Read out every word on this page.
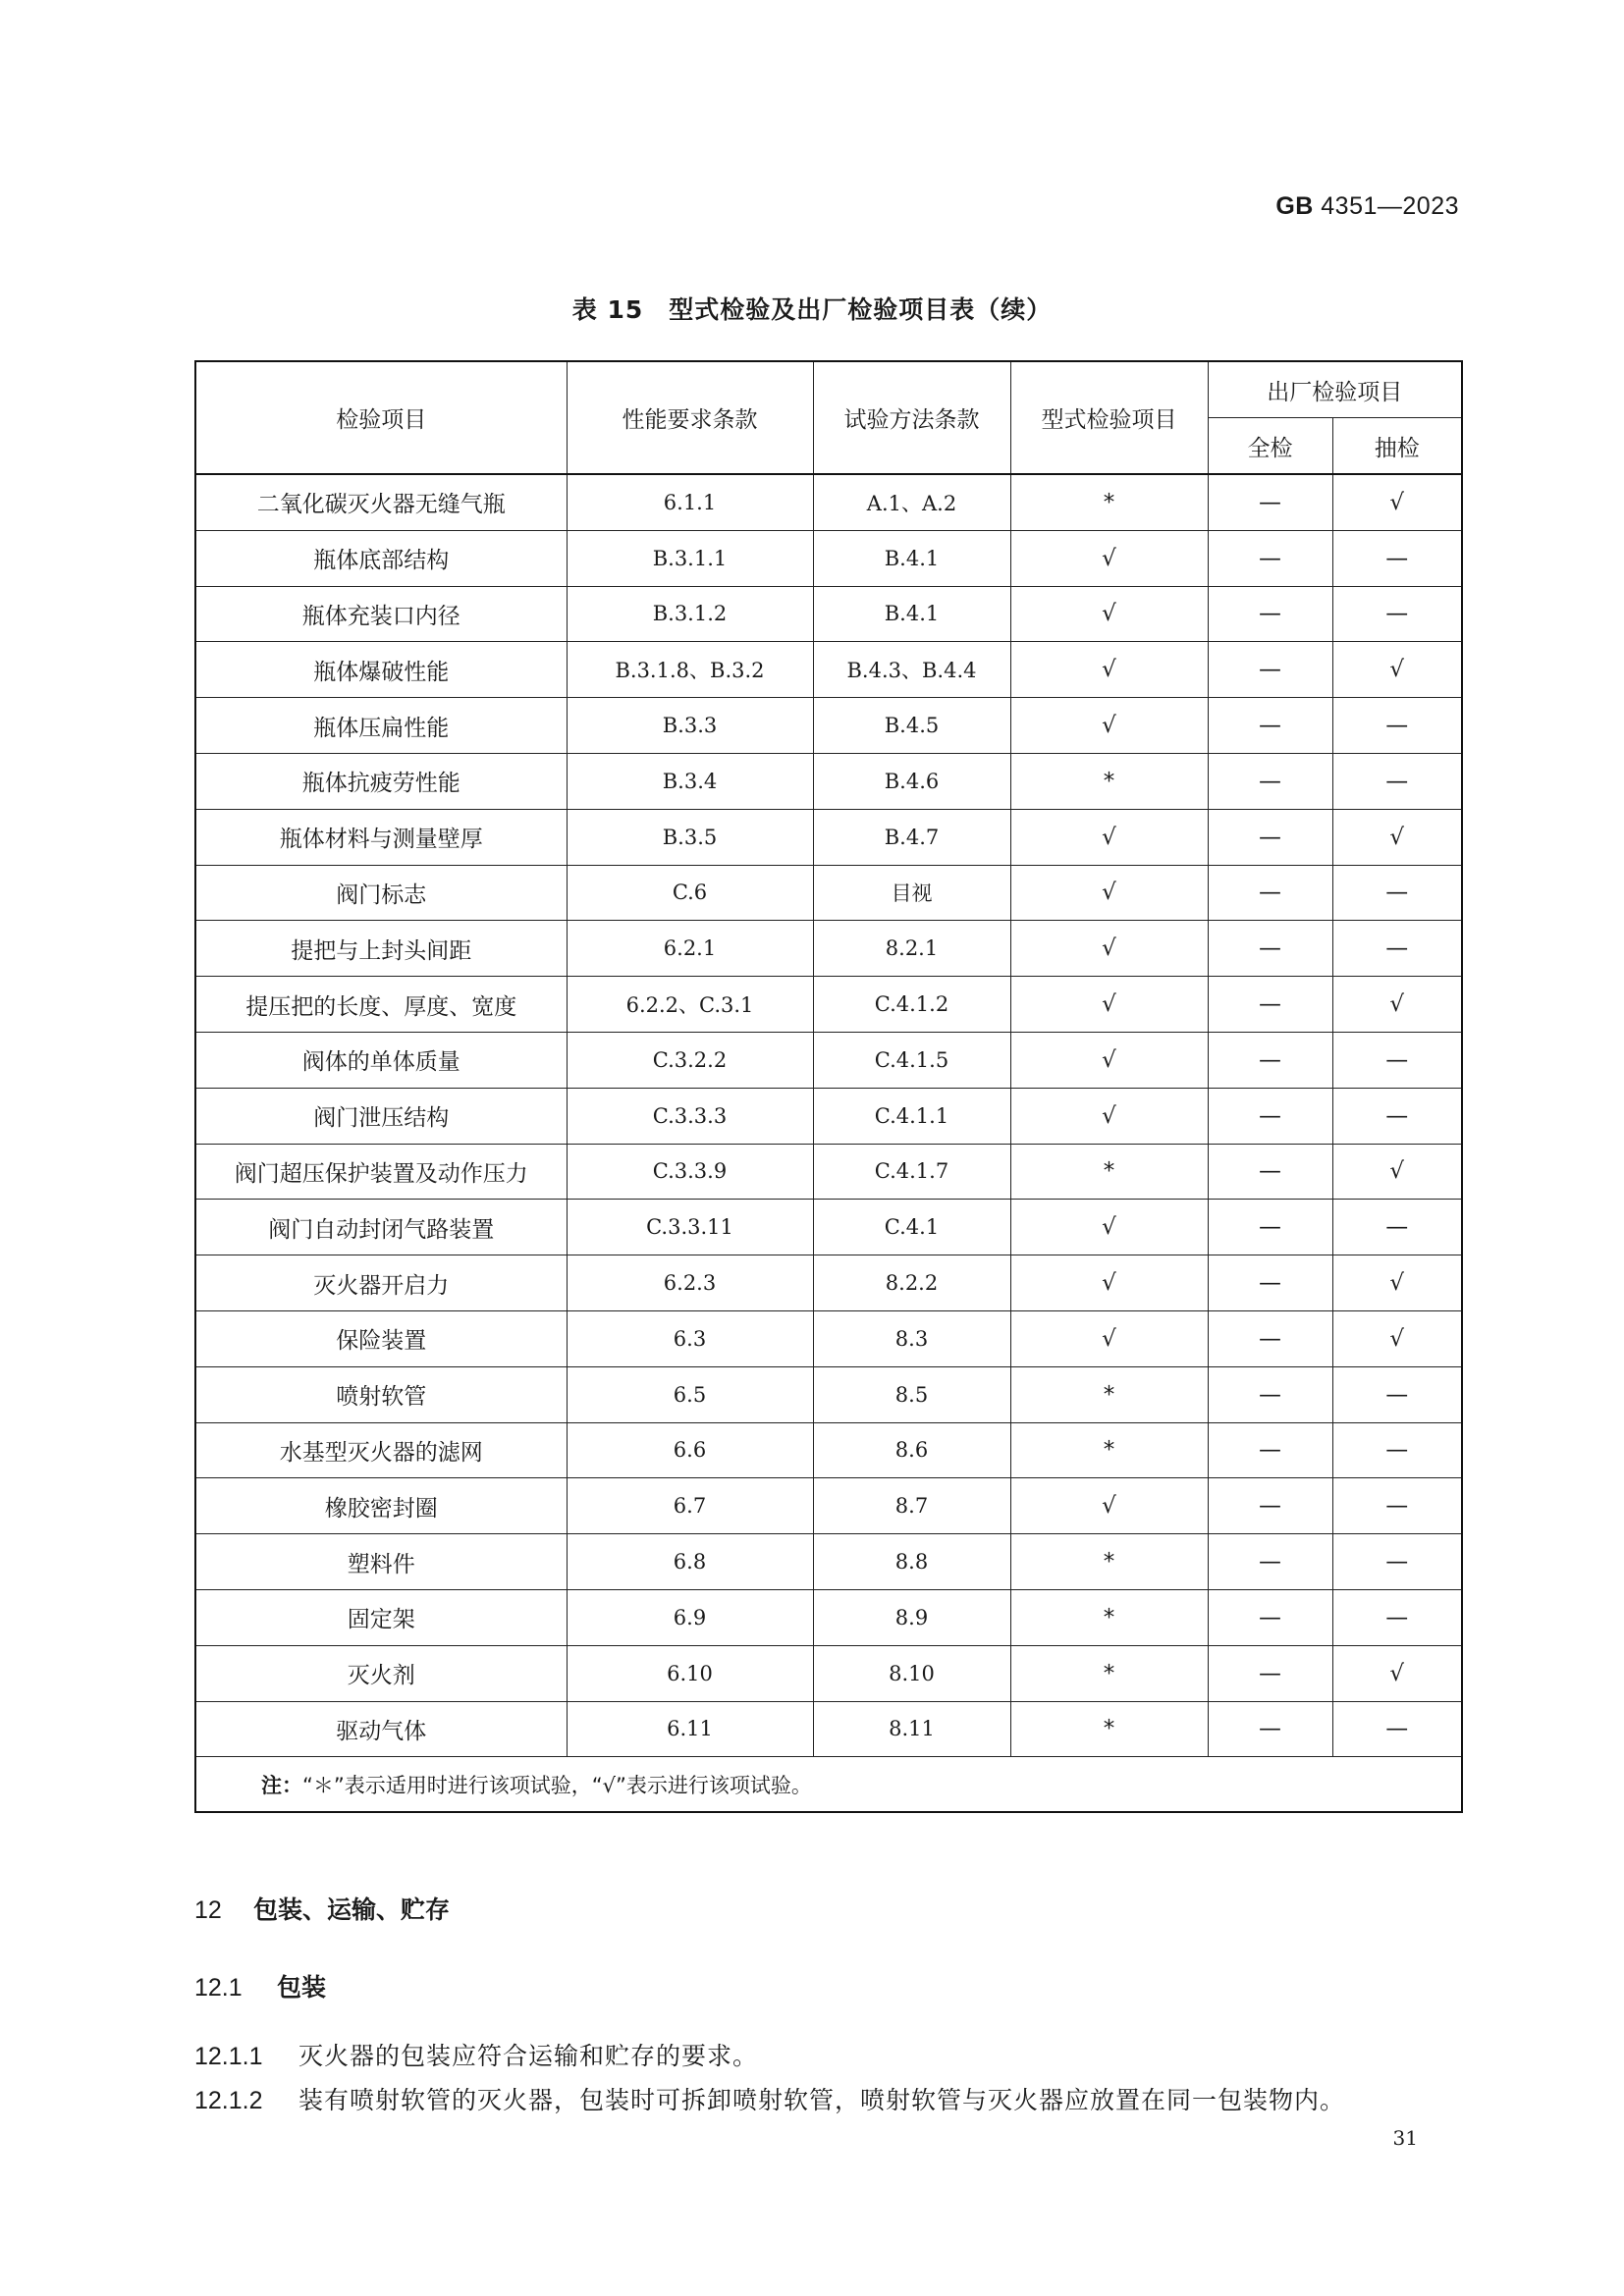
GB 4351—2023
表 15　型式检验及出厂检验项目表（续）
检验项目	性能要求条款	试验方法条款	型式检验项目	出厂检验项目	
				全检	抽检
二氧化碳灭火器无缝气瓶	6.1.1	A.1、A.2	*	—	√
瓶体底部结构	B.3.1.1	B.4.1	√	—	—
瓶体充装口内径	B.3.1.2	B.4.1	√	—	—
瓶体爆破性能	B.3.1.8、B.3.2	B.4.3、B.4.4	√	—	√
瓶体压扁性能	B.3.3	B.4.5	√	—	—
瓶体抗疲劳性能	B.3.4	B.4.6	*	—	—
瓶体材料与测量壁厚	B.3.5	B.4.7	√	—	√
阀门标志	C.6	目视	√	—	—
提把与上封头间距	6.2.1	8.2.1	√	—	—
提压把的长度、厚度、宽度	6.2.2、C.3.1	C.4.1.2	√	—	√
阀体的单体质量	C.3.2.2	C.4.1.5	√	—	—
阀门泄压结构	C.3.3.3	C.4.1.1	√	—	—
阀门超压保护装置及动作压力	C.3.3.9	C.4.1.7	*	—	√
阀门自动封闭气路装置	C.3.3.11	C.4.1	√	—	—
灭火器开启力	6.2.3	8.2.2	√	—	√
保险装置	6.3	8.3	√	—	√
喷射软管	6.5	8.5	*	—	—
水基型灭火器的滤网	6.6	8.6	*	—	—
橡胶密封圈	6.7	8.7	√	—	—
塑料件	6.8	8.8	*	—	—
固定架	6.9	8.9	*	—	—
灭火剂	6.10	8.10	*	—	√
驱动气体	6.11	8.11	*	—	—
注：“＊”表示适用时进行该项试验，“√”表示进行该项试验。					
12 包装、运输、贮存
12.1 包装
12.1.1 灭火器的包装应符合运输和贮存的要求。
12.1.2 装有喷射软管的灭火器，包装时可拆卸喷射软管，喷射软管与灭火器应放置在同一包装物内。
31
